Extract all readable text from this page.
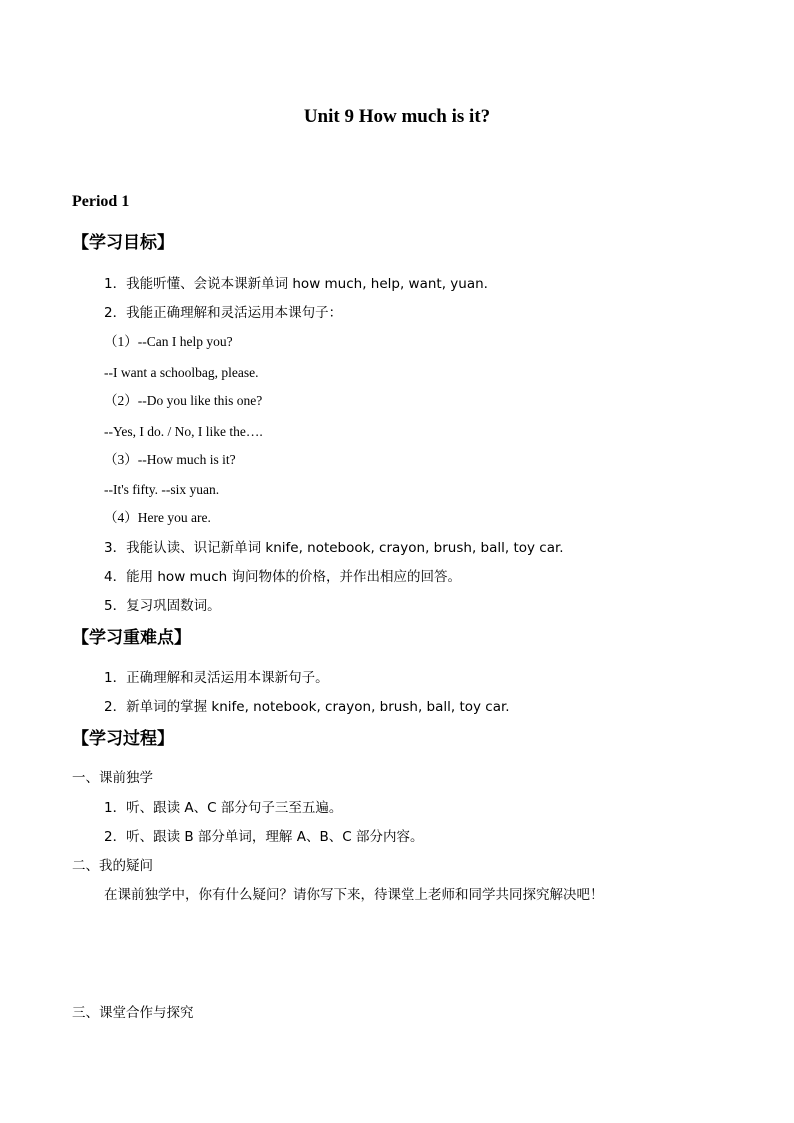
Unit 9 How much is it?
Period 1
【学习目标】
1．我能听懂、会说本课新单词 how much, help, want, yuan.
2．我能正确理解和灵活运用本课句子：
（1）--Can I help you?
--I want a schoolbag, please.
（2）--Do you like this one?
--Yes, I do. / No, I like the….
（3）--How much is it?
--It's fifty. --six yuan.
（4）Here you are.
3．我能认读、识记新单词 knife, notebook, crayon, brush, ball, toy car.
4．能用 how much 询问物体的价格，并作出相应的回答。
5．复习巩固数词。
【学习重难点】
1．正确理解和灵活运用本课新句子。
2．新单词的掌握 knife, notebook, crayon, brush, ball, toy car.
【学习过程】
一、课前独学
1．听、跟读 A、C 部分句子三至五遍。
2．听、跟读 B 部分单词，理解 A、B、C 部分内容。
二、我的疑问
在课前独学中，你有什么疑问？请你写下来，待课堂上老师和同学共同探究解决吧！
三、课堂合作与探究
